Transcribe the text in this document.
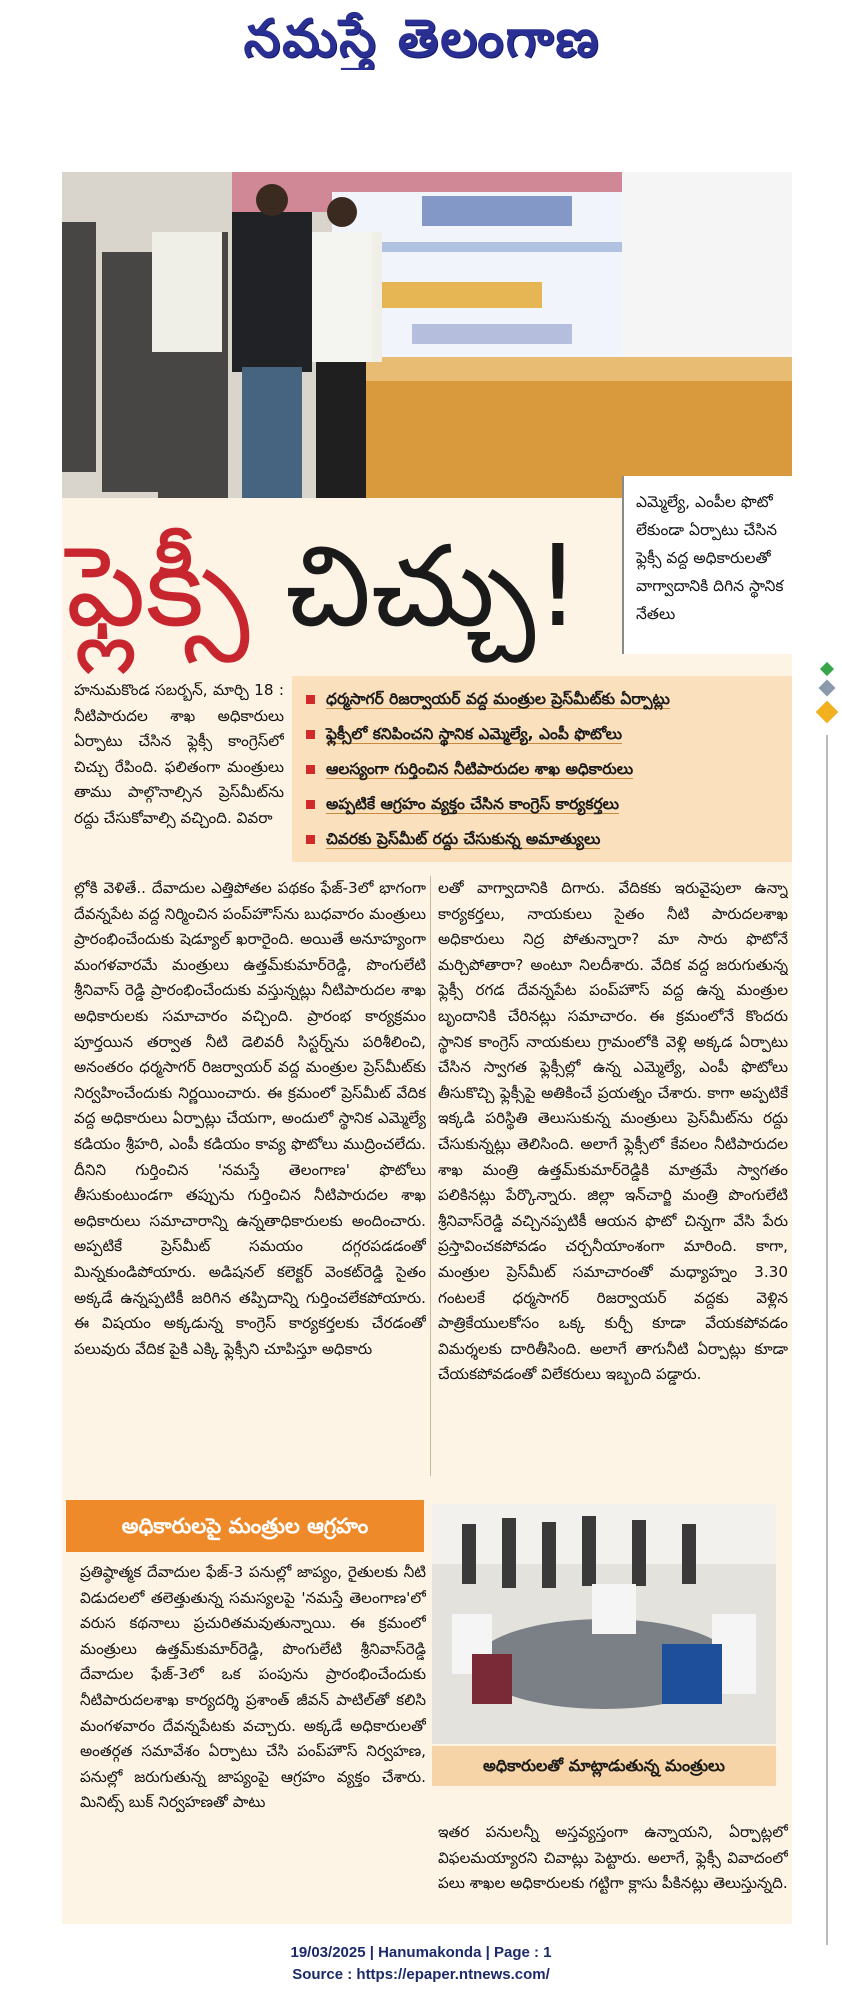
నమస్తే తెలంగాణ
ఫ్లెక్సీ చిచ్చు!
ఎమ్మెల్యే, ఎంపీల ఫొటో లేకుండా ఏర్పాటు చేసిన ఫ్లెక్సీ వద్ద అధికారులతో వాగ్వాదానికి దిగిన స్థానిక నేతలు
ధర్మసాగర్ రిజర్వాయర్ వద్ద మంత్రుల ప్రెస్‌మీట్‌కు ఏర్పాట్లు
ఫ్లెక్సీలో కనిపించని స్థానిక ఎమ్మెల్యే, ఎంపీ ఫొటోలు
ఆలస్యంగా గుర్తించిన నీటిపారుదల శాఖ అధికారులు
అప్పటికే ఆగ్రహం వ్యక్తం చేసిన కాంగ్రెస్ కార్యకర్తలు
చివరకు ప్రెస్‌మీట్ రద్దు చేసుకున్న అమాత్యులు
హనుమకొండ సబర్బన్, మార్చి 18 : నీటిపారుదల శాఖ అధికారులు ఏర్పాటు చేసిన ఫ్లెక్సీ కాంగ్రెస్‌లో చిచ్చు రేపింది. ఫలితంగా మంత్రులు తాము పాల్గొనాల్సిన ప్రెస్‌మీట్‌ను రద్దు చేసుకోవాల్సి వచ్చింది. వివరా
ల్లోకి వెళితే.. దేవాదుల ఎత్తిపోతల పథకం ఫేజ్-3లో భాగంగా దేవన్నపేట వద్ద నిర్మించిన పంప్‌హౌస్‌ను బుధవారం మంత్రులు ప్రారంభించేందుకు షెడ్యూల్ ఖరారైంది. అయితే అనూహ్యంగా మంగళవారమే మంత్రులు ఉత్తమ్‌కుమార్‌రెడ్డి, పొంగులేటి శ్రీనివాస్ రెడ్డి ప్రారంభించేందుకు వస్తున్నట్లు నీటిపారుదల శాఖ అధికారులకు సమాచారం వచ్చింది. ప్రారంభ కార్యక్రమం పూర్తయిన తర్వాత నీటి డెలివరీ సిస్టర్న్‌ను పరిశీలించి, అనంతరం ధర్మసాగర్ రిజర్వాయర్ వద్ద మంత్రుల ప్రెస్‌మీట్‌కు నిర్వహించేందుకు నిర్ణయించారు. ఈ క్రమంలో ప్రెస్‌మీట్ వేదిక వద్ద అధికారులు ఏర్పాట్లు చేయగా, అందులో స్థానిక ఎమ్మెల్యే కడియం శ్రీహరి, ఎంపీ కడియం కావ్య ఫొటోలు ముద్రించలేదు. దీనిని గుర్తించిన 'నమస్తే తెలంగాణ' ఫొటోలు తీసుకుంటుండగా తప్పును గుర్తించిన నీటిపారుదల శాఖ అధికారులు సమాచారాన్ని ఉన్నతాధికారులకు అందించారు. అప్పటికే ప్రెస్‌మీట్ సమయం దగ్గరపడడంతో మిన్నకుండిపోయారు. అడిషనల్ కలెక్టర్ వెంకట్‌రెడ్డి సైతం అక్కడే ఉన్నప్పటికీ జరిగిన తప్పిదాన్ని గుర్తించలేకపోయారు. ఈ విషయం అక్కడున్న కాంగ్రెస్ కార్యకర్తలకు చేరడంతో పలువురు వేదిక పైకి ఎక్కి ఫ్లెక్సీని చూపిస్తూ అధికారు
లతో వాగ్వాదానికి దిగారు. వేదికకు ఇరువైపులా ఉన్నా కార్యకర్తలు, నాయకులు సైతం నీటి పారుదలశాఖ అధికారులు నిద్ర పోతున్నారా? మా సారు ఫొటోనే మర్చిపోతారా? అంటూ నిలదీశారు. వేదిక వద్ద జరుగుతున్న ఫ్లెక్సీ రగడ దేవన్నపేట పంప్‌హౌస్ వద్ద ఉన్న మంత్రుల బృందానికి చేరినట్లు సమాచారం. ఈ క్రమంలోనే కొందరు స్థానిక కాంగ్రెస్ నాయకులు గ్రామంలోకి వెళ్లి అక్కడ ఏర్పాటు చేసిన స్వాగత ఫ్లెక్సీల్లో ఉన్న ఎమ్మెల్యే, ఎంపీ ఫొటోలు తీసుకొచ్చి ఫ్లెక్సీపై అతికించే ప్రయత్నం చేశారు. కాగా అప్పటికే ఇక్కడి పరిస్థితి తెలుసుకున్న మంత్రులు ప్రెస్‌మీట్‌ను రద్దు చేసుకున్నట్లు తెలిసింది. అలాగే ఫ్లెక్సీలో కేవలం నీటిపారుదల శాఖ మంత్రి ఉత్తమ్‌కుమార్‌రెడ్డికి మాత్రమే స్వాగతం పలికినట్లు పేర్కొన్నారు. జిల్లా ఇన్‌చార్జి మంత్రి పొంగులేటి శ్రీనివాస్‌రెడ్డి వచ్చినప్పటికీ ఆయన ఫొటో చిన్నగా వేసి పేరు ప్రస్తావించకపోవడం చర్చనీయాంశంగా మారింది. కాగా, మంత్రుల ప్రెస్‌మీట్ సమాచారంతో మధ్యాహ్నం 3.30 గంటలకే ధర్మసాగర్ రిజర్వాయర్ వద్దకు వెళ్లిన పాత్రికేయులకోసం ఒక్క కుర్చీ కూడా వేయకపోవడం విమర్శలకు దారితీసింది. అలాగే తాగునీటి ఏర్పాట్లు కూడా చేయకపోవడంతో విలేకరులు ఇబ్బంది పడ్డారు.
అధికారులపై మంత్రుల ఆగ్రహం
ప్రతిష్ఠాత్మక దేవాదుల ఫేజ్-3 పనుల్లో జాప్యం, రైతులకు నీటి విడుదలలో తలెత్తుతున్న సమస్యలపై 'నమస్తే తెలంగాణ'లో వరుస కథనాలు ప్రచురితమవుతున్నాయి. ఈ క్రమంలో మంత్రులు ఉత్తమ్‌కుమార్‌రెడ్డి, పొంగులేటి శ్రీనివాస్‌రెడ్డి దేవాదుల ఫేజ్-3లో ఒక పంపును ప్రారంభించేందుకు నీటిపారుదలశాఖ కార్యదర్శి ప్రశాంత్ జీవన్ పాటిల్‌తో కలిసి మంగళవారం దేవన్నపేటకు వచ్చారు. అక్కడే అధికారులతో అంతర్గత సమావేశం ఏర్పాటు చేసి పంప్‌హౌస్ నిర్వహణ, పనుల్లో జరుగుతున్న జాప్యంపై ఆగ్రహం వ్యక్తం చేశారు. మినిట్స్ బుక్ నిర్వహణతో పాటు
అధికారులతో మాట్లాడుతున్న మంత్రులు
ఇతర పనులన్నీ అస్తవ్యస్తంగా ఉన్నాయని, ఏర్పాట్లలో విఫలమయ్యారని చివాట్లు పెట్టారు. అలాగే, ఫ్లెక్సీ వివాదంలో పలు శాఖల అధికారులకు గట్టిగా క్లాసు పీకినట్లు తెలుస్తున్నది.
19/03/2025 | Hanumakonda | Page : 1
Source : https://epaper.ntnews.com/
